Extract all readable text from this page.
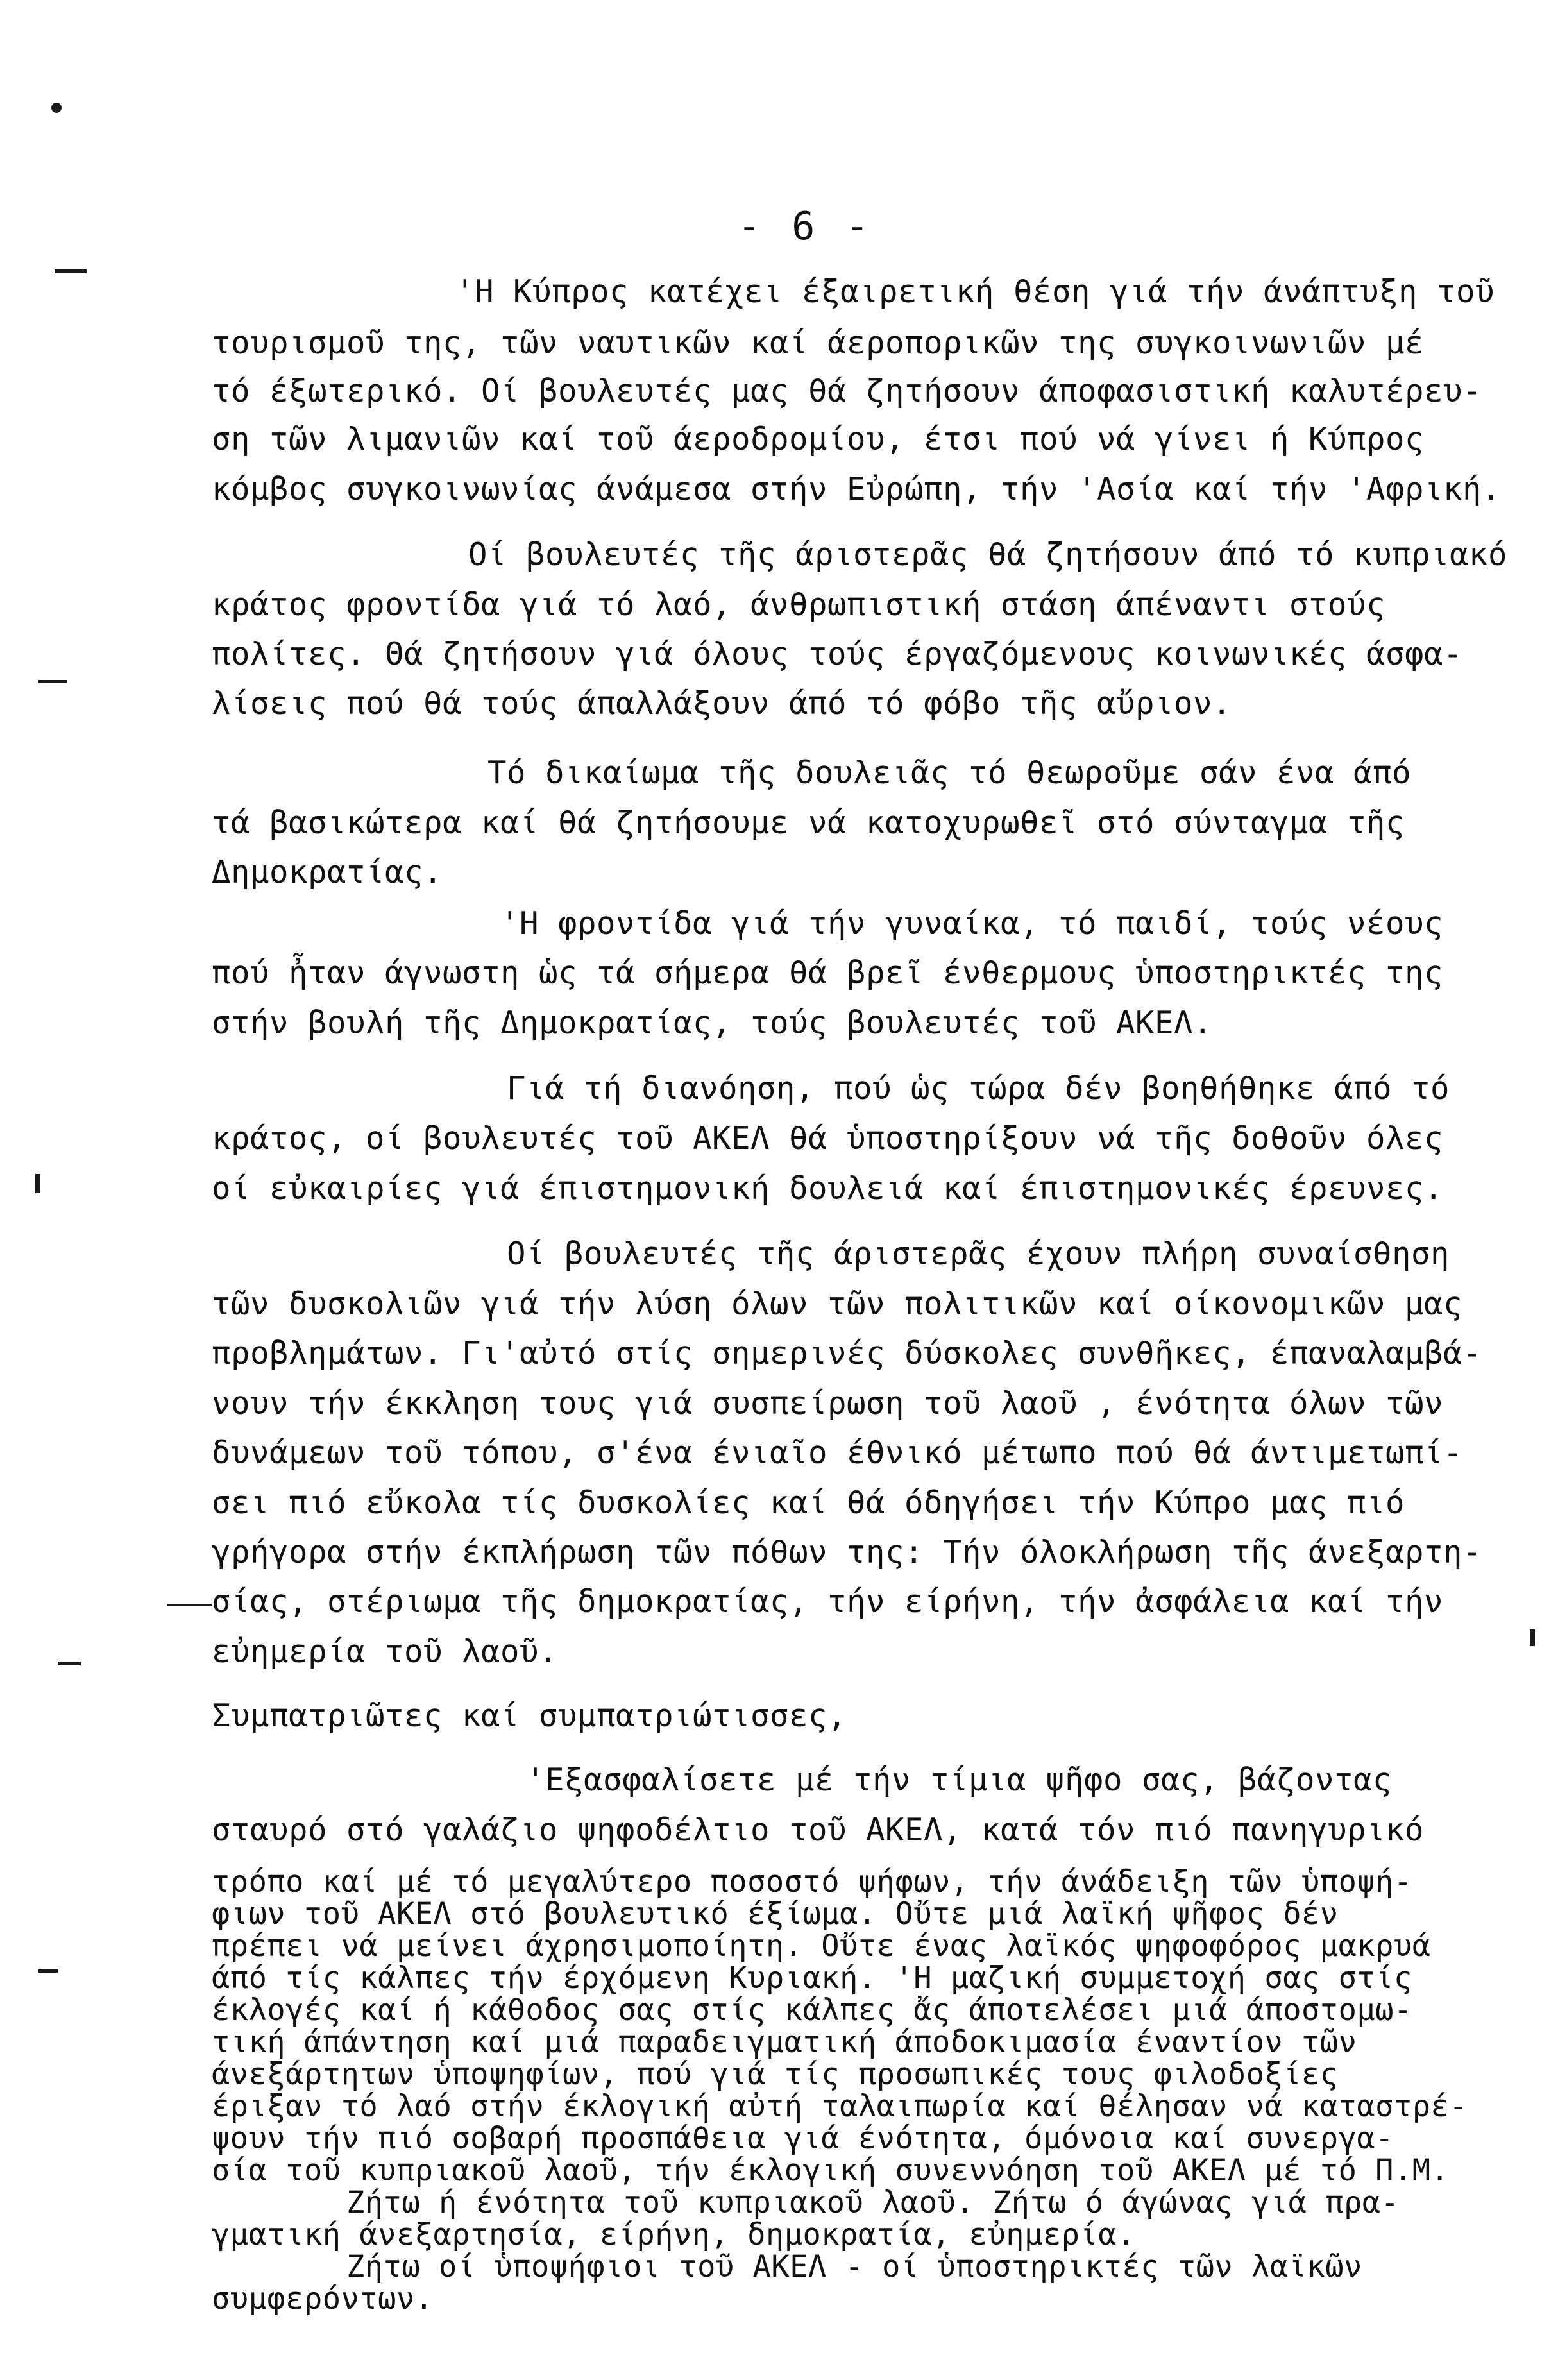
- 6 -
'Η Κύπρος κατέχει έξαιρετική θέση γιά τήν άνάπτυξη τοῦ
τουρισμοῦ της, τῶν ναυτικῶν καί άεροπορικῶν της συγκοινωνιῶν μέ
τό έξωτερικό. Οί βουλευτές μας θά ζητήσουν άποφασιστική καλυτέρευ-
ση τῶν λιμανιῶν καί τοῦ άεροδρομίου, έτσι πού νά γίνει ή Κύπρος
κόμβος συγκοινωνίας άνάμεσα στήν Εὐρώπη, τήν 'Ασία καί τήν 'Αφρική.
Οί βουλευτές τῆς άριστερᾶς θά ζητήσουν άπό τό κυπριακό
κράτος φροντίδα γιά τό λαό, άνθρωπιστική στάση άπέναντι στούς
πολίτες. Θά ζητήσουν γιά όλους τούς έργαζόμενους κοινωνικές άσφα-
λίσεις πού θά τούς άπαλλάξουν άπό τό φόβο τῆς αὔριον.
Τό δικαίωμα τῆς δουλειᾶς τό θεωροῦμε σάν ένα άπό
τά βασικώτερα καί θά ζητήσουμε νά κατοχυρωθεῖ στό σύνταγμα τῆς
Δημοκρατίας.
'Η φροντίδα γιά τήν γυναίκα, τό παιδί, τούς νέους
πού ἦταν άγνωστη ὡς τά σήμερα θά βρεῖ ένθερμους ὑποστηρικτές της
στήν βουλή τῆς Δημοκρατίας, τούς βουλευτές τοῦ ΑΚΕΛ.
Γιά τή διανόηση, πού ὡς τώρα δέν βοηθήθηκε άπό τό
κράτος, οί βουλευτές τοῦ ΑΚΕΛ θά ὑποστηρίξουν νά τῆς δοθοῦν όλες
οί εὐκαιρίες γιά έπιστημονική δουλειά καί έπιστημονικές έρευνες.
Οί βουλευτές τῆς άριστερᾶς έχουν πλήρη συναίσθηση
τῶν δυσκολιῶν γιά τήν λύση όλων τῶν πολιτικῶν καί οίκονομικῶν μας
προβλημάτων. Γι'αὐτό στίς σημερινές δύσκολες συνθῆκες, έπαναλαμβά-
νουν τήν έκκληση τους γιά συσπείρωση τοῦ λαοῦ , ένότητα όλων τῶν
δυνάμεων τοῦ τόπου, σ'ένα ένιαῖο έθνικό μέτωπο πού θά άντιμετωπί-
σει πιό εὔκολα τίς δυσκολίες καί θά όδηγήσει τήν Κύπρο μας πιό
γρήγορα στήν έκπλήρωση τῶν πόθων της: Τήν όλοκλήρωση τῆς άνεξαρτη-
σίας, στέριωμα τῆς δημοκρατίας, τήν είρήνη, τήν ἀσφάλεια καί τήν
εὐημερία τοῦ λαοῦ.
Συμπατριῶτες καί συμπατριώτισσες,
'Εξασφαλίσετε μέ τήν τίμια ψῆφο σας, βάζοντας
σταυρό στό γαλάζιο ψηφοδέλτιο τοῦ ΑΚΕΛ, κατά τόν πιό πανηγυρικό
τρόπο καί μέ τό μεγαλύτερο ποσοστό ψήφων, τήν άνάδειξη τῶν ὑποψή-
φιων τοῦ ΑΚΕΛ στό βουλευτικό έξίωμα. Οὔτε μιά λαϊκή ψῆφος δέν
πρέπει νά μείνει άχρησιμοποίητη. Οὔτε ένας λαϊκός ψηφοφόρος μακρυά
άπό τίς κάλπες τήν έρχόμενη Κυριακή. 'Η μαζική συμμετοχή σας στίς
έκλογές καί ή κάθοδος σας στίς κάλπες ἄς άποτελέσει μιά άποστομω-
τική άπάντηση καί μιά παραδειγματική άποδοκιμασία έναντίον τῶν
άνεξάρτητων ὑποψηφίων, πού γιά τίς προσωπικές τους φιλοδοξίες
έριξαν τό λαό στήν έκλογική αὐτή ταλαιπωρία καί θέλησαν νά καταστρέ-
ψουν τήν πιό σοβαρή προσπάθεια γιά ένότητα, όμόνοια καί συνεργα-
σία τοῦ κυπριακοῦ λαοῦ, τήν έκλογική συνεννόηση τοῦ ΑΚΕΛ μέ τό Π.Μ.
Ζήτω ή ένότητα τοῦ κυπριακοῦ λαοῦ. Ζήτω ό άγώνας γιά πρα-
γματική άνεξαρτησία, είρήνη, δημοκρατία, εὐημερία.
Ζήτω οί ὑποψήφιοι τοῦ ΑΚΕΛ - οί ὑποστηρικτές τῶν λαϊκῶν
συμφερόντων.
